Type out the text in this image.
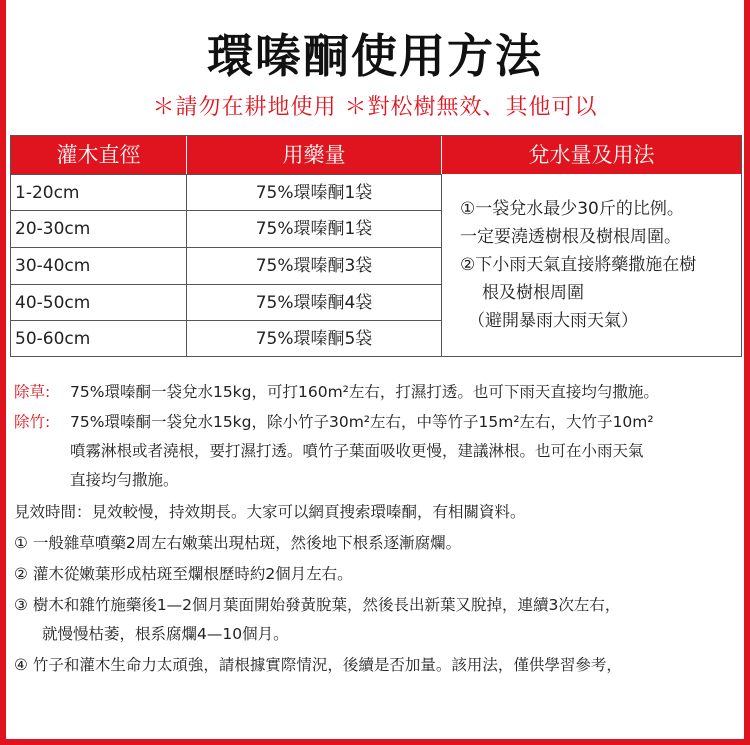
環嗪酮使用方法
＊請勿在耕地使用 ＊對松樹無效、其他可以
灌木直徑	用藥量	兌水量及用法
1-20cm	75%環嗪酮1袋
20-30cm	75%環嗪酮1袋
30-40cm	75%環嗪酮3袋
40-50cm	75%環嗪酮4袋
50-60cm	75%環嗪酮5袋
①一袋兌水最少30斤的比例。
一定要澆透樹根及樹根周圍。
②下小雨天氣直接將藥撒施在樹
根及樹根周圍
（避開暴雨大雨天氣）
除草: 75%環嗪酮一袋兌水15kg，可打160m²左右，打濕打透。也可下雨天直接均勻撒施。
除竹: 75%環嗪酮一袋兌水15kg，除小竹子30m²左右，中等竹子15m²左右，大竹子10m²
噴霧淋根或者澆根，要打濕打透。噴竹子葉面吸收更慢，建議淋根。也可在小雨天氣
直接均勻撒施。
見效時間：見效較慢，持效期長。大家可以網頁搜索環嗪酮，有相關資料。
① 一般雜草噴藥2周左右嫩葉出現枯斑，然後地下根系逐漸腐爛。
② 灌木從嫩葉形成枯斑至爛根歷時約2個月左右。
③ 樹木和雜竹施藥後1—2個月葉面開始發黃脫葉，然後長出新葉又脫掉，連續3次左右，
就慢慢枯萎，根系腐爛4—10個月。
④ 竹子和灌木生命力太頑強，請根據實際情況，後續是否加量。該用法，僅供學習參考，
